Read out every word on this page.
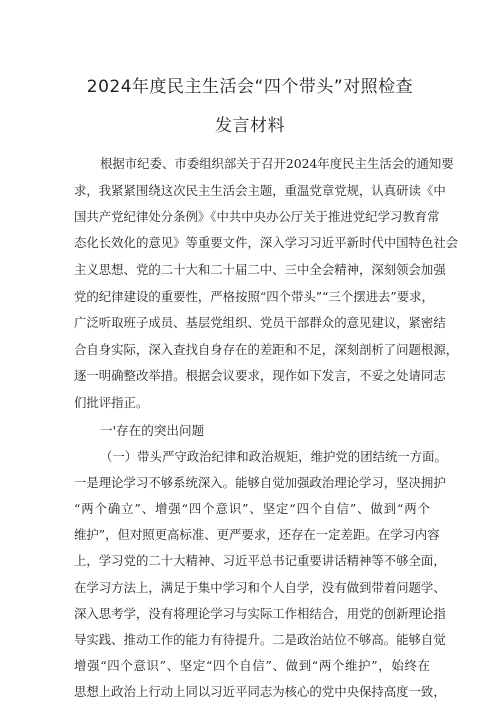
2024年度民主生活会“四个带头”对照检查
发言材料
根据市纪委、市委组织部关于召开2024年度民主生活会的通知要
求，我紧紧围绕这次民主生活会主题，重温党章党规，认真研读《中
国共产党纪律处分条例》《中共中央办公厅关于推进党纪学习教育常
态化长效化的意见》等重要文件，深入学习习近平新时代中国特色社会
主义思想、党的二十大和二十届二中、三中全会精神，深刻领会加强
党的纪律建设的重要性，严格按照“四个带头”“三个摆进去”要求，
广泛听取班子成员、基层党组织、党员干部群众的意见建议，紧密结
合自身实际，深入查找自身存在的差距和不足，深刻剖析了问题根源，
逐一明确整改举措。根据会议要求，现作如下发言，不妥之处请同志
们批评指正。
一'存在的突出问题
（一）带头严守政治纪律和政治规矩，维护党的团结统一方面。
一是理论学习不够系统深入。能够自觉加强政治理论学习，坚决拥护
“两个确立”、增强“四个意识”、坚定“四个自信”、做到“两个
维护”，但对照更高标准、更严要求，还存在一定差距。在学习内容
上，学习党的二十大精神、习近平总书记重要讲话精神等不够全面，
在学习方法上，满足于集中学习和个人自学，没有做到带着问题学、
深入思考学，没有将理论学习与实际工作相结合，用党的创新理论指
导实践、推动工作的能力有待提升。二是政治站位不够高。能够自觉
增强“四个意识”、坚定“四个自信”、做到“两个维护”，始终在
思想上政治上行动上同以习近平同志为核心的党中央保持高度一致，
